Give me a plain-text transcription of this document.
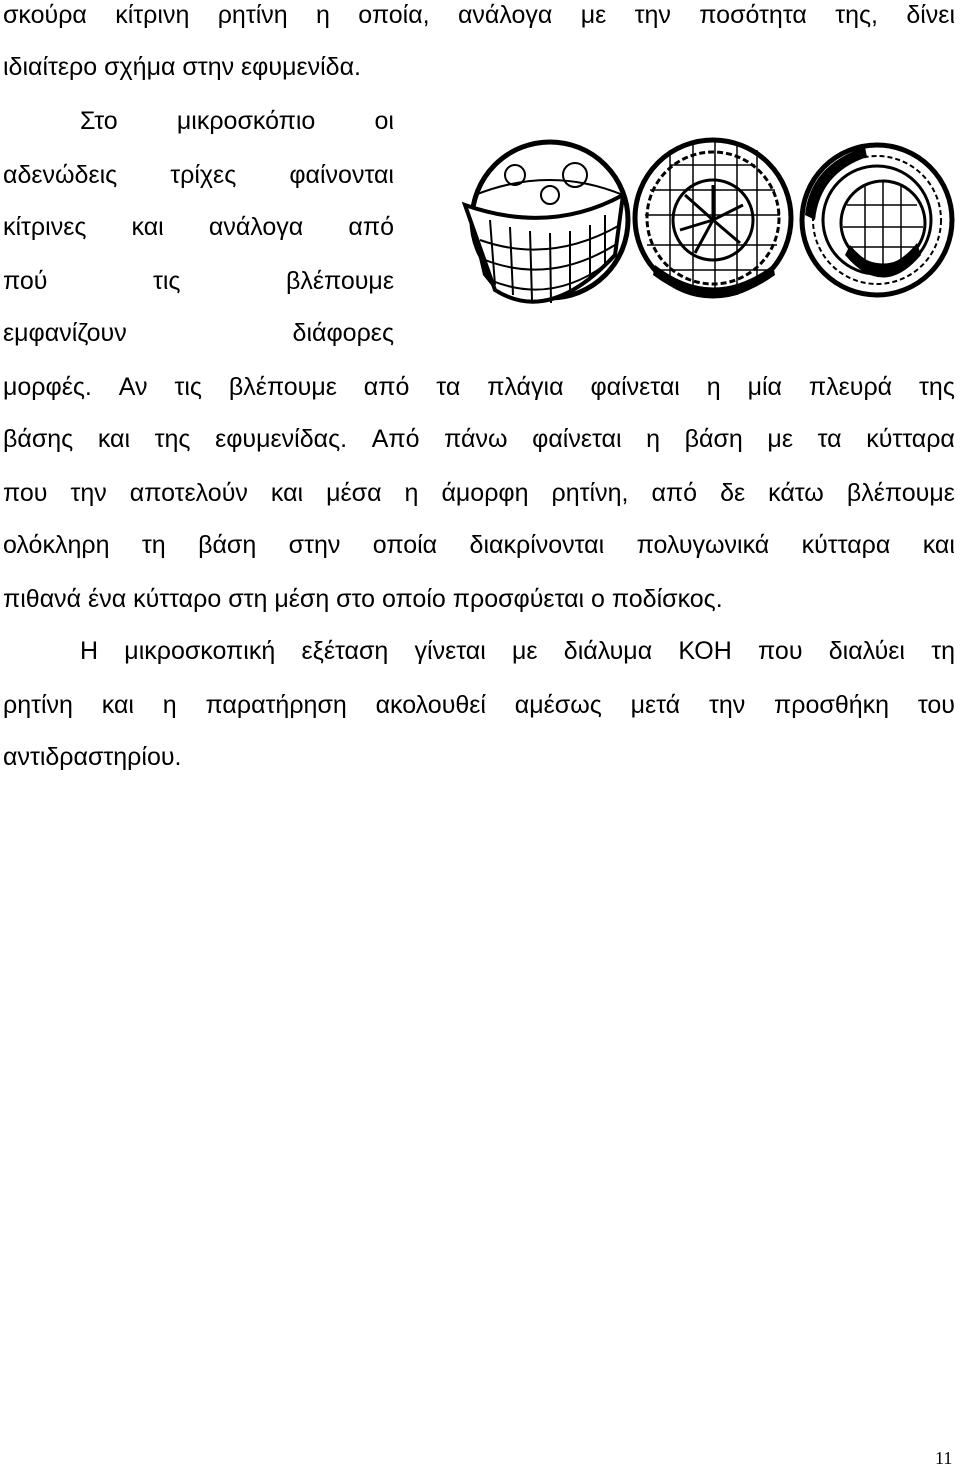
σκούρα κίτρινη ρητίνη η οποία, ανάλογα με την ποσότητα της, δίνει
ιδιαίτερο σχήμα στην εφυμενίδα.
Στο μικροσκόπιο οι
αδενώδεις τρίχες φαίνονται
κίτρινες και ανάλογα από
πού	τις	βλέπουμε
εμφανίζουν	διάφορες
μορφές. Αν τις βλέπουμε από τα πλάγια φαίνεται η μία πλευρά της
βάσης και της εφυμενίδας. Από πάνω φαίνεται η βάση με τα κύτταρα
που την αποτελούν και μέσα η άμορφη ρητίνη, από δε κάτω βλέπουμε
ολόκληρη τη βάση στην οποία διακρίνονται πολυγωνικά κύτταρα και
πιθανά ένα κύτταρο στη μέση στο οποίο προσφύεται ο ποδίσκος.
Η μικροσκοπική εξέταση γίνεται με διάλυμα ΚΟΗ που διαλύει τη
ρητίνη και η παρατήρηση ακολουθεί αμέσως μετά την προσθήκη του
αντιδραστηρίου.
11
